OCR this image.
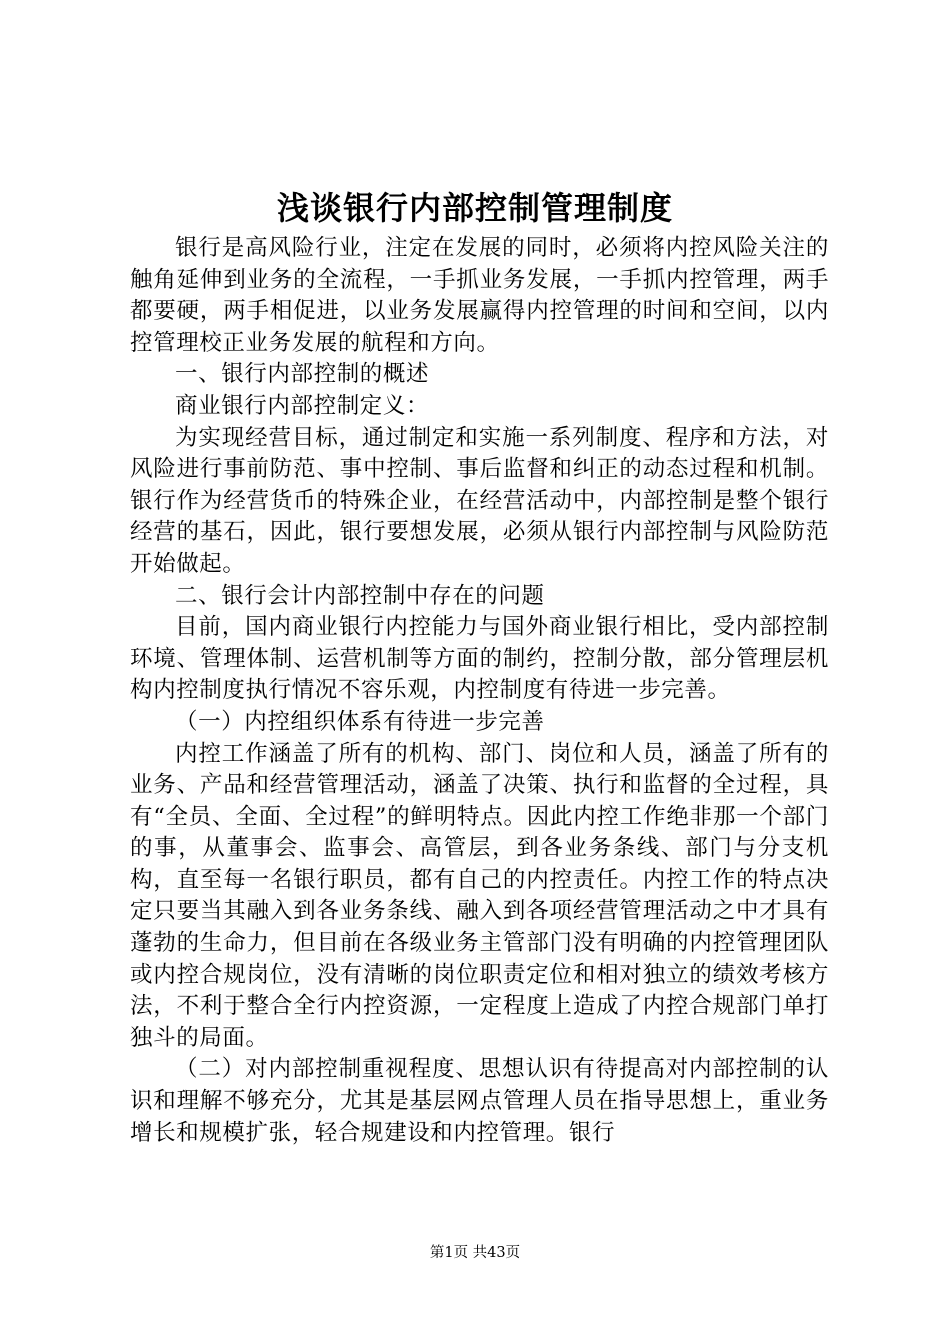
浅谈银行内部控制管理制度

银行是高风险行业，注定在发展的同时，必须将内控风险关注的触角延伸到业务的全流程，一手抓业务发展，一手抓内控管理，两手都要硬，两手相促进，以业务发展赢得内控管理的时间和空间，以内控管理校正业务发展的航程和方向。

一、银行内部控制的概述

商业银行内部控制定义：

为实现经营目标，通过制定和实施一系列制度、程序和方法，对风险进行事前防范、事中控制、事后监督和纠正的动态过程和机制。银行作为经营货币的特殊企业，在经营活动中，内部控制是整个银行经营的基石，因此，银行要想发展，必须从银行内部控制与风险防范开始做起。

二、银行会计内部控制中存在的问题

目前，国内商业银行内控能力与国外商业银行相比，受内部控制环境、管理体制、运营机制等方面的制约，控制分散，部分管理层机构内控制度执行情况不容乐观，内控制度有待进一步完善。

（一）内控组织体系有待进一步完善

内控工作涵盖了所有的机构、部门、岗位和人员，涵盖了所有的业务、产品和经营管理活动，涵盖了决策、执行和监督的全过程，具有“全员、全面、全过程”的鲜明特点。因此内控工作绝非那一个部门的事，从董事会、监事会、高管层，到各业务条线、部门与分支机构，直至每一名银行职员，都有自己的内控责任。内控工作的特点决定只要当其融入到各业务条线、融入到各项经营管理活动之中才具有蓬勃的生命力，但目前在各级业务主管部门没有明确的内控管理团队或内控合规岗位，没有清晰的岗位职责定位和相对独立的绩效考核方法，不利于整合全行内控资源，一定程度上造成了内控合规部门单打独斗的局面。

（二）对内部控制重视程度、思想认识有待提高对内部控制的认识和理解不够充分，尤其是基层网点管理人员在指导思想上，重业务增长和规模扩张，轻合规建设和内控管理。银行

第1页 共43页
